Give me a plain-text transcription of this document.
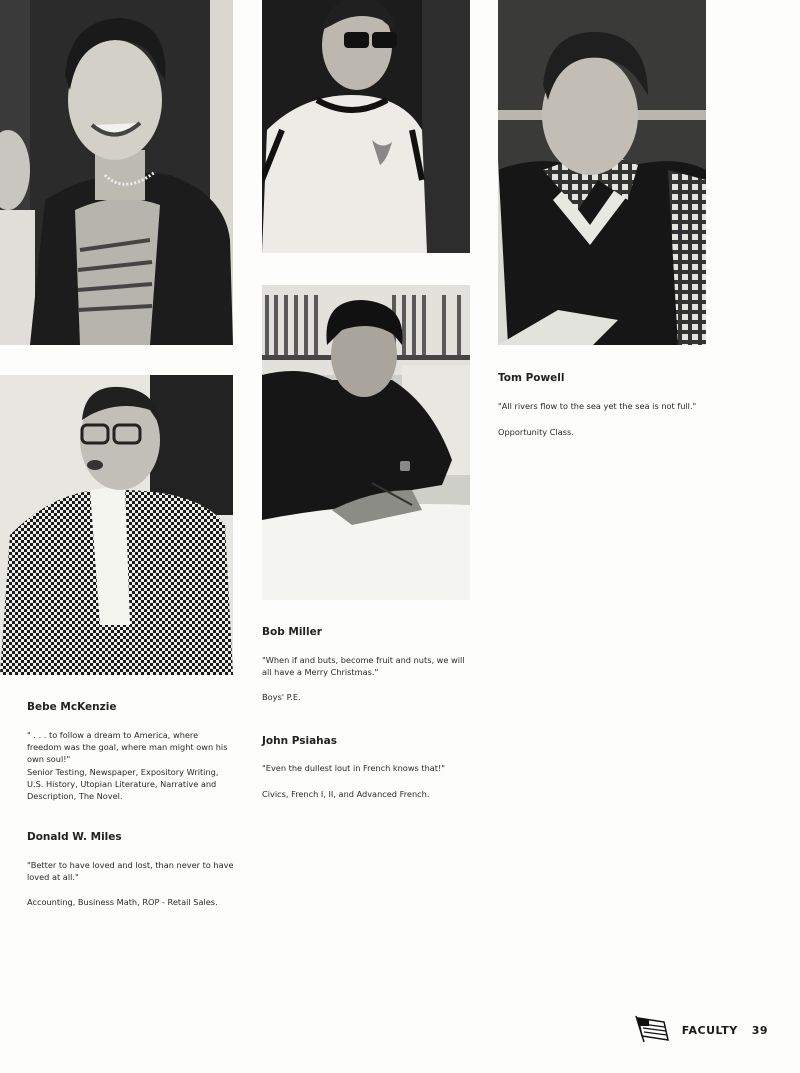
Bebe McKenzie

" . . . to follow a dream to America, where freedom was the goal, where man might own his own soul!"

Senior Testing, Newspaper, Expository Writing, U.S. History, Utopian Literature, Narrative and Description, The Novel.

Donald W. Miles

"Better to have loved and lost, than never to have loved at all."

Accounting, Business Math, ROP - Retail Sales.

Bob Miller

"When if and buts, become fruit and nuts, we will all have a Merry Christmas."

Boys' P.E.

John Psiahas

"Even the dullest lout in French knows that!"

Civics, French I, II, and Advanced French.

Tom Powell

"All rivers flow to the sea yet the sea is not full."

Opportunity Class.

FACULTY 39
